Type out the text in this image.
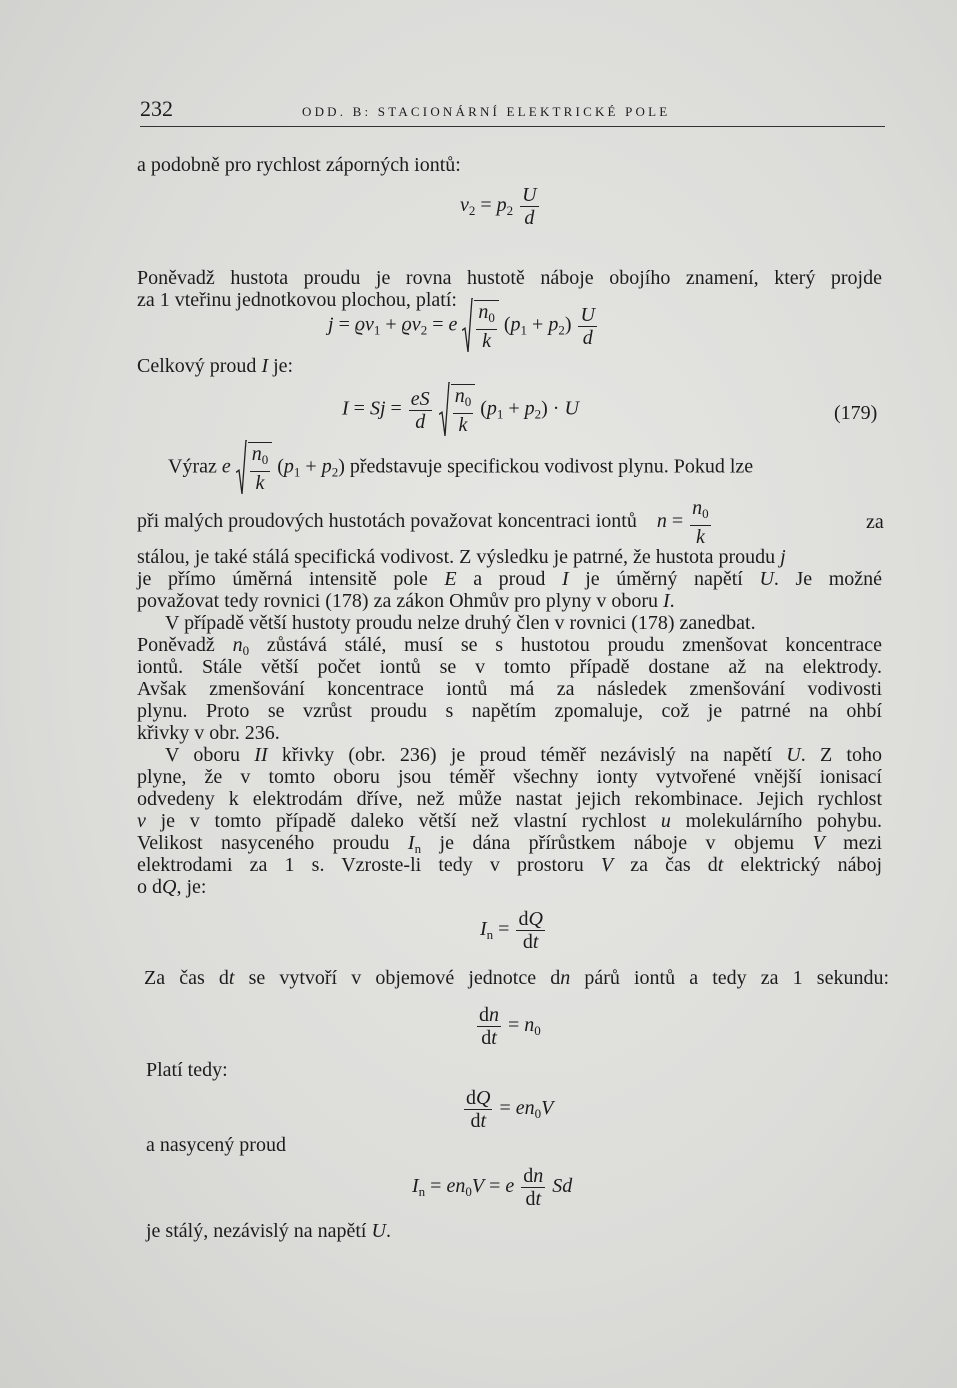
232	ODD. B: STACIONÁRNÍ ELEKTRICKÉ POLE
a podobně pro rychlost záporných iontů:
$v_2 = p_2 \frac{U}{d}$
Poněvadž hustota proudu je rovna hustotě náboje obojího znamení, který projde
za 1 vteřinu jednotkovou plochou, platí:
$j = ϱv_1 + ϱv_2 = e \frac{n_0}{k} (p_1 + p_2) \frac{U}{d}$
Celkový proud I je:
$I = Sj = \frac{eS}{d}$
$\frac{n_0}{k} (p_1 + p_2) \cdot U$	(179)
Výraz e $\frac{n_0}{k} (p_1 + p_2)$ představuje specifickou vodivost plynu. Pokud lze
při malých proudových hustotách považovat koncentraci iontů $n = \frac{n_0}{k}$	za
stálou, je také stálá specifická vodivost. Z výsledku je patrné, že hustota proudu j
je přímo úměrná intensitě pole E a proud I je úměrný napětí U. Je možné
považovat tedy rovnici (178) za zákon Ohmův pro plyny v oboru I.
V případě větší hustoty proudu nelze druhý člen v rovnici (178) zanedbat.
Poněvadž $n_0$ zůstává stálé, musí se s hustotou proudu zmenšovat koncentrace
iontů. Stále větší počet iontů se v tomto případě dostane až na elektrody.
Avšak zmenšování koncentrace iontů má za následek zmenšování vodivosti
plynu. Proto se vzrůst proudu s napětím zpomaluje, což je patrné na ohbí
křivky v obr. 236.
V oboru II křivky (obr. 236) je proud téměř nezávislý na napětí U. Z toho
plyne, že v tomto oboru jsou téměř všechny ionty vytvořené vnější ionisací
odvedeny k elektrodám dříve, než může nastat jejich rekombinace. Jejich rychlost
v je v tomto případě daleko větší než vlastní rychlost u molekulárního pohybu.
Velikost nasyceného proudu $I_n$ je dána přírůstkem náboje v objemu V mezi
elektrodami za 1 s. Vzroste-li tedy v prostoru V za čas dt elektrický náboj
o dQ, je:
$I_n = \frac{dQ}{dt}$
Za čas dt se vytvoří v objemové jednotce dn párů iontů a tedy za 1 sekundu:
$\frac{dn}{dt} = n_0$
Platí tedy:
$\frac{dQ}{dt} = en_0V$
a nasycený proud
$I_n = en_0V = e \frac{dn}{dt}$ Sd
je stálý, nezávislý na napětí U.
